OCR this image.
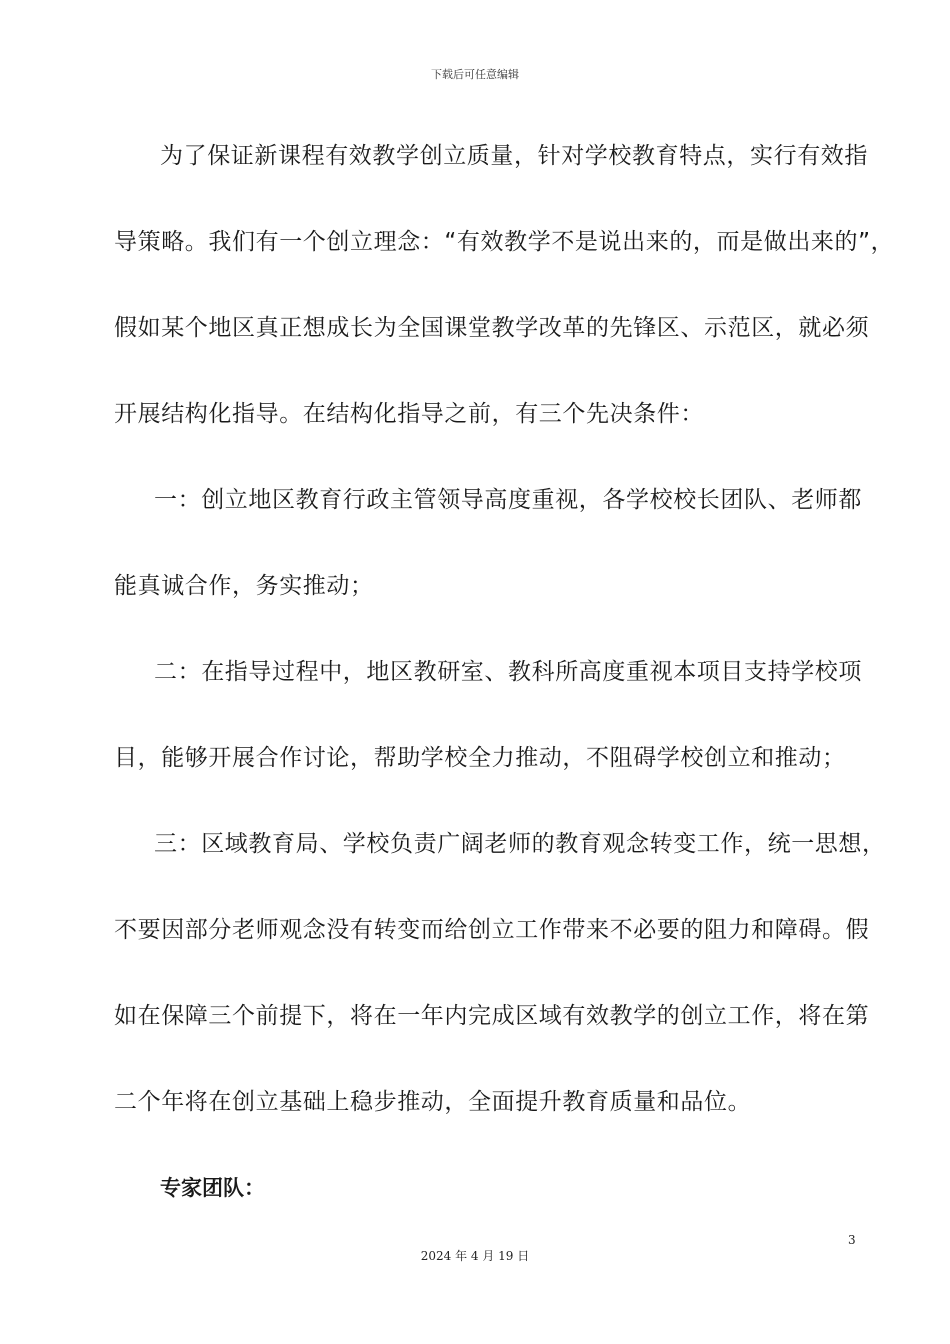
下载后可任意编辑
为了保证新课程有效教学创立质量，针对学校教育特点，实行有效指
导策略。我们有一个创立理念：“有效教学不是说出来的，而是做出来的”，
假如某个地区真正想成长为全国课堂教学改革的先锋区、示范区，就必须
开展结构化指导。在结构化指导之前，有三个先决条件：
一：创立地区教育行政主管领导高度重视，各学校校长团队、老师都
能真诚合作，务实推动；
二：在指导过程中，地区教研室、教科所高度重视本项目支持学校项
目，能够开展合作讨论，帮助学校全力推动，不阻碍学校创立和推动；
三：区域教育局、学校负责广阔老师的教育观念转变工作，统一思想，
不要因部分老师观念没有转变而给创立工作带来不必要的阻力和障碍。假
如在保障三个前提下，将在一年内完成区域有效教学的创立工作，将在第
二个年将在创立基础上稳步推动，全面提升教育质量和品位。
专家团队：
3
2024 年 4 月 19 日
